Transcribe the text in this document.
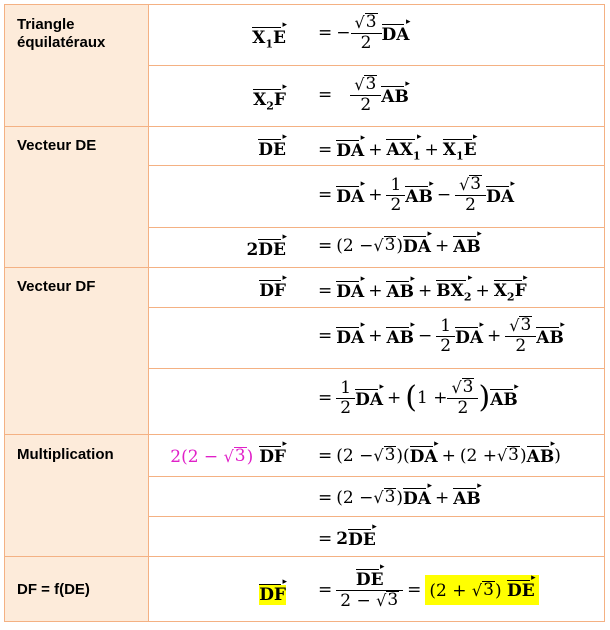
Triangle équilatéraux
Vecteur DE
Vecteur DF
Multiplication
DF = f(DE)
$X_1E$ ▸ = − $\frac{√ 3}{2}$ DA ▸
$X_2F$ ▸ = $\frac{√ 3}{2}$ AB ▸
DE ▸ = DA ▸ + $AX_1$ ▸ + $X_1E$ ▸
= DA ▸ + $\frac{1}{2}$ AB ▸ − $\frac{√ 3}{2}$ DA ▸
2DE ▸ = (2 − √ 3 ) DA ▸ + AB ▸
DF ▸ = DA ▸ + AB ▸ + $BX_2$ ▸ + $X_2F$ ▸
= DA ▸ + AB ▸ − $\frac{1}{2}$ DA ▸ + $\frac{√ 3}{2}$ AB ▸
= $\frac{1}{2}$ DA ▸ + ( $1 + \frac{√ 3}{2}$ ) AB ▸
2(2 − √ 3 ) DF ▸ = (2 − √ 3 )( DA ▸ + (2 + √ 3 ) AB ▸ )
= (2 − √ 3 ) DA ▸ + AB ▸
= 2 DE ▸
DF ▸ = $\frac{DE ▸}{2 - √ 3} = (2$ + √ 3 ) DE ▸
